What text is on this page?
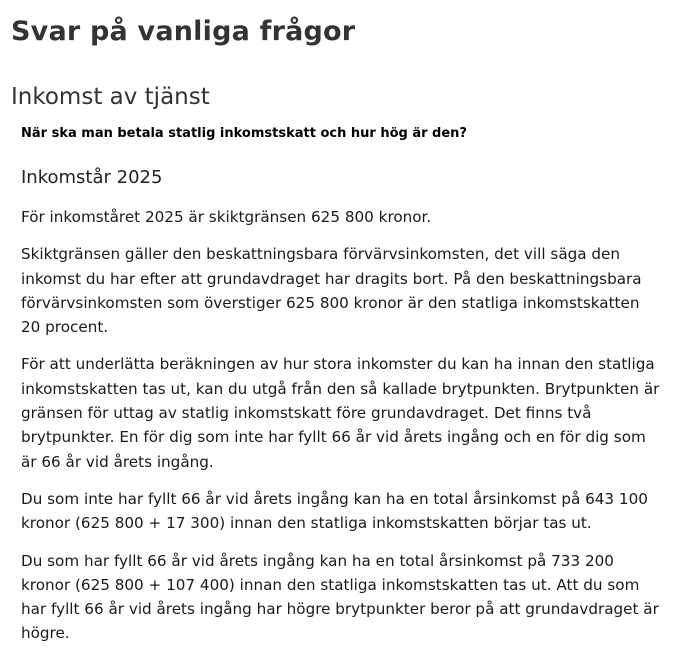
Svar på vanliga frågor
Inkomst av tjänst
När ska man betala statlig inkomstskatt och hur hög är den?
Inkomstår 2025

För inkomståret 2025 är skiktgränsen 625 800 kronor.

Skiktgränsen gäller den beskattningsbara förvärvsinkomsten, det vill säga den inkomst du har efter att grundavdraget har dragits bort. På den beskattningsbara förvärvsinkomsten som överstiger 625 800 kronor är den statliga inkomstskatten 20 procent.

För att underlätta beräkningen av hur stora inkomster du kan ha innan den statliga inkomstskatten tas ut, kan du utgå från den så kallade brytpunkten. Brytpunkten är gränsen för uttag av statlig inkomstskatt före grundavdraget. Det finns två brytpunkter. En för dig som inte har fyllt 66 år vid årets ingång och en för dig som är 66 år vid årets ingång.

Du som inte har fyllt 66 år vid årets ingång kan ha en total årsinkomst på 643 100 kronor (625 800 + 17 300) innan den statliga inkomstskatten börjar tas ut.

Du som har fyllt 66 år vid årets ingång kan ha en total årsinkomst på 733 200 kronor (625 800 + 107 400) innan den statliga inkomstskatten tas ut. Att du som har fyllt 66 år vid årets ingång har högre brytpunkter beror på att grundavdraget är högre.
